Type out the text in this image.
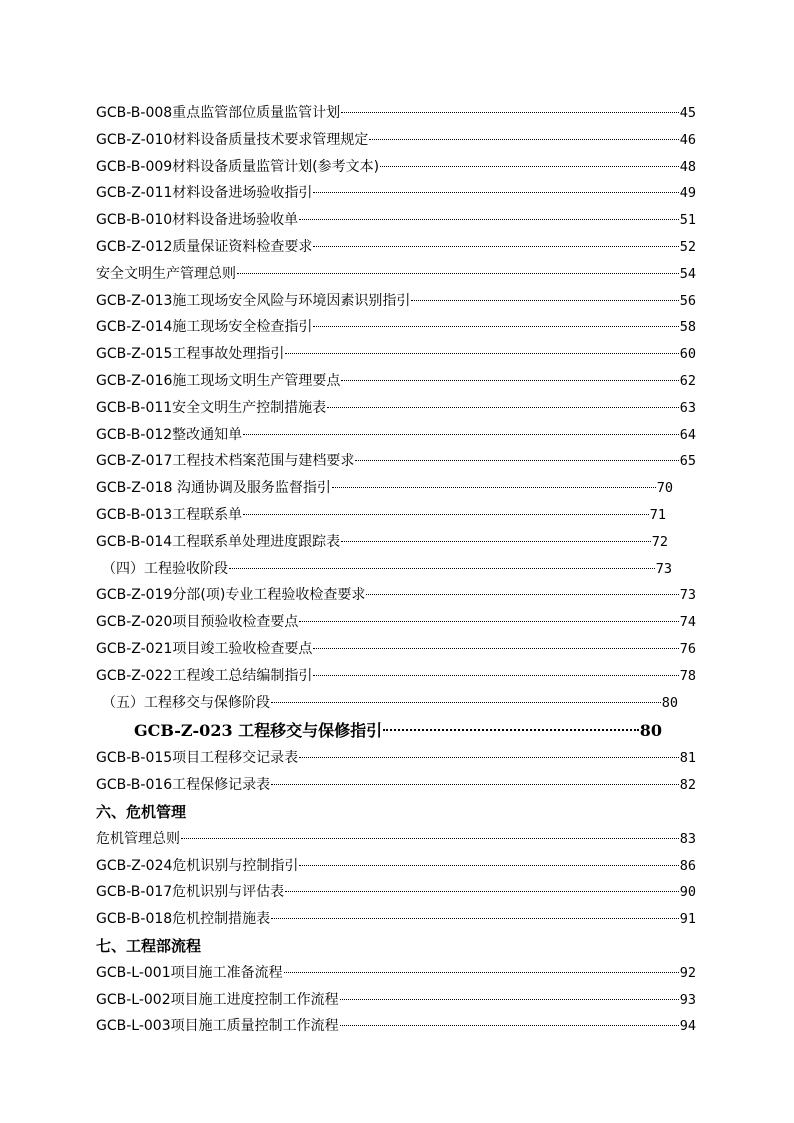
GCB-B-008重点监管部位质量监管计划	45
GCB-Z-010材料设备质量技术要求管理规定	46
GCB-B-009材料设备质量监管计划(参考文本)	48
GCB-Z-011材料设备进场验收指引	49
GCB-B-010材料设备进场验收单	51
GCB-Z-012质量保证资料检查要求	52
安全文明生产管理总则	54
GCB-Z-013施工现场安全风险与环境因素识别指引	56
GCB-Z-014施工现场安全检查指引	58
GCB-Z-015工程事故处理指引	60
GCB-Z-016施工现场文明生产管理要点	62
GCB-B-011安全文明生产控制措施表	63
GCB-B-012整改通知单	64
GCB-Z-017工程技术档案范围与建档要求	65
GCB-Z-018 沟通协调及服务监督指引	70
GCB-B-013工程联系单	71
GCB-B-014工程联系单处理进度跟踪表	72
（四）工程验收阶段	73
GCB-Z-019分部(项)专业工程验收检查要求	73
GCB-Z-020项目预验收检查要点	74
GCB-Z-021项目竣工验收检查要点	76
GCB-Z-022工程竣工总结编制指引	78
（五）工程移交与保修阶段	80
GCB-Z-023 工程移交与保修指引	80
GCB-B-015项目工程移交记录表	81
GCB-B-016工程保修记录表	82
六、危机管理
危机管理总则	83
GCB-Z-024危机识别与控制指引	86
GCB-B-017危机识别与评估表	90
GCB-B-018危机控制措施表	91
七、工程部流程
GCB-L-001项目施工准备流程	92
GCB-L-002项目施工进度控制工作流程	93
GCB-L-003项目施工质量控制工作流程	94
